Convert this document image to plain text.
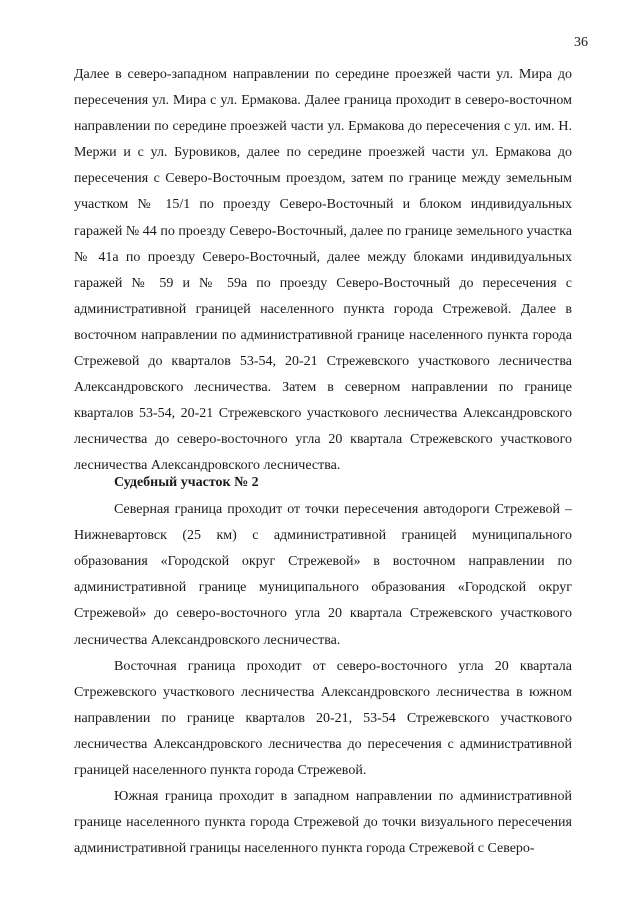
36

Далее в северо-западном направлении по середине проезжей части ул. Мира до пересечения ул. Мира с ул. Ермакова. Далее граница проходит в северо-восточном направлении по середине проезжей части ул. Ермакова до пересечения с ул. им. Н. Мержи и с ул. Буровиков, далее по середине проезжей части ул. Ермакова до пересечения с Северо-Восточным проездом, затем по границе между земельным участком № 15/1 по проезду Северо-Восточный и блоком индивидуальных гаражей № 44 по проезду Северо-Восточный, далее по границе земельного участка № 41а по проезду Северо-Восточный, далее между блоками индивидуальных гаражей № 59 и № 59а по проезду Северо-Восточный до пересечения с административной границей населенного пункта города Стрежевой. Далее в восточном направлении по административной границе населенного пункта города Стрежевой до кварталов 53-54, 20-21 Стрежевского участкового лесничества Александровского лесничества. Затем в северном направлении по границе кварталов 53-54, 20-21 Стрежевского участкового лесничества Александровского лесничества до северо-восточного угла 20 квартала Стрежевского участкового лесничества Александровского лесничества.

Судебный участок № 2

Северная граница проходит от точки пересечения автодороги Стрежевой – Нижневартовск (25 км) с административной границей муниципального образования «Городской округ Стрежевой» в восточном направлении по административной границе муниципального образования «Городской округ Стрежевой» до северо-восточного угла 20 квартала Стрежевского участкового лесничества Александровского лесничества.

Восточная граница проходит от северо-восточного угла 20 квартала Стрежевского участкового лесничества Александровского лесничества в южном направлении по границе кварталов 20-21, 53-54 Стрежевского участкового лесничества Александровского лесничества до пересечения с административной границей населенного пункта города Стрежевой.

Южная граница проходит в западном направлении по административной границе населенного пункта города Стрежевой до точки визуального пересечения административной границы населенного пункта города Стрежевой с Северо-
